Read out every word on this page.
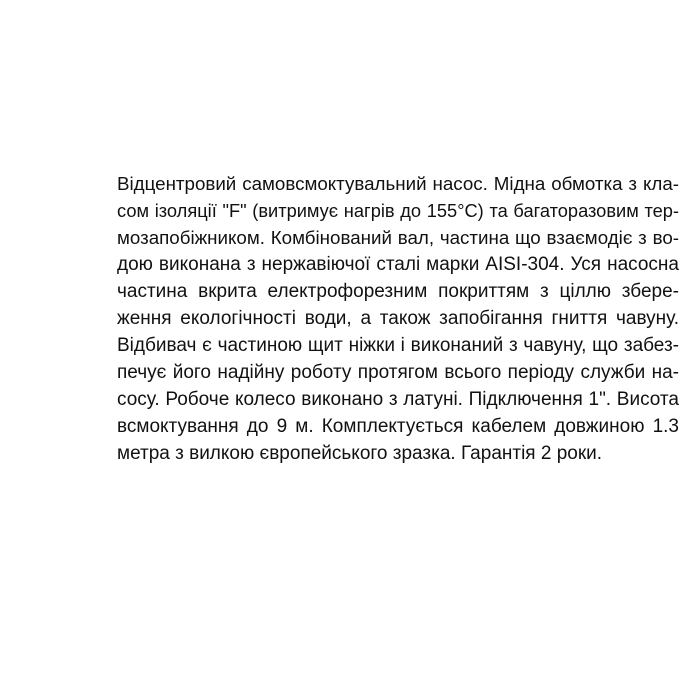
Відцентровий самовсмоктувальний насос. Мідна обмотка з кла-
сом ізоляції "F" (витримує нагрів до 155°C) та багаторазовим тер-
мозапобіжником. Комбінований вал, частина що взаємодіє з во-
дою виконана з нержавіючої сталі марки AISI-304. Уся насосна
частина вкрита електрофорезним покриттям з ціллю збере-
ження екологічності води, а також запобігання гниття чавуну.
Відбивач є частиною щит ніжки і виконаний з чавуну, що забез-
печує його надійну роботу протягом всього періоду служби на-
сосу. Робоче колесо виконано з латуні. Підключення 1". Висота
всмоктування до 9 м. Комплектується кабелем довжиною 1.3
метра з вилкою європейського зразка. Гарантія 2 роки.
